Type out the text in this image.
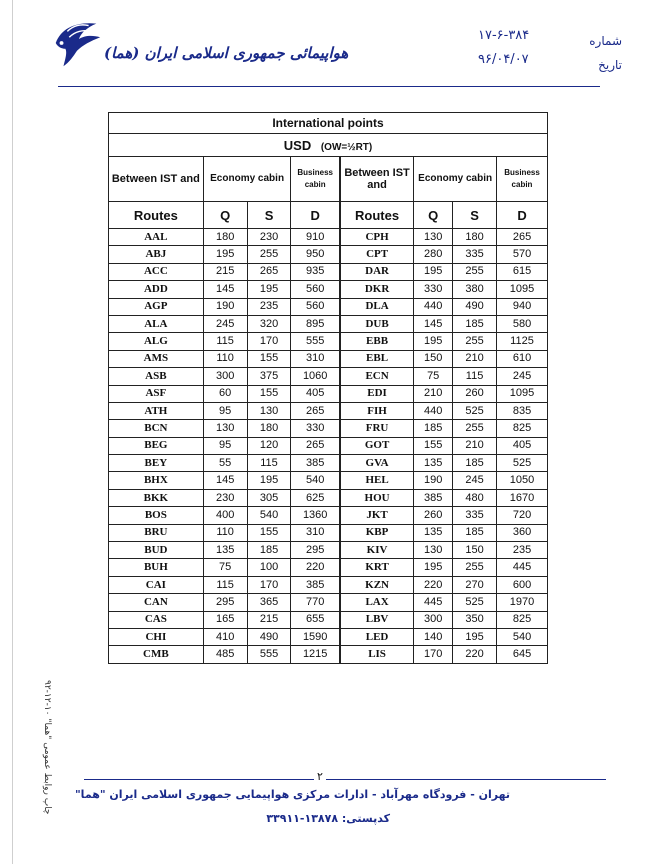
هواپیمائی جمهوری اسلامی ایران (هما)
شماره
۱۷-۶-۳۸۴
تاریخ
۹۶/۰۴/۰۷
International points							
USD (OW=½RT)							
Between IST and	Economy cabin		Business cabin	Between IST and	Economy cabin		Business cabin
Routes	Q	S	D	Routes	Q	S	D
AAL	180	230	910	CPH	130	180	265
ABJ	195	255	950	CPT	280	335	570
ACC	215	265	935	DAR	195	255	615
ADD	145	195	560	DKR	330	380	1095
AGP	190	235	560	DLA	440	490	940
ALA	245	320	895	DUB	145	185	580
ALG	115	170	555	EBB	195	255	1125
AMS	110	155	310	EBL	150	210	610
ASB	300	375	1060	ECN	75	115	245
ASF	60	155	405	EDI	210	260	1095
ATH	95	130	265	FIH	440	525	835
BCN	130	180	330	FRU	185	255	825
BEG	95	120	265	GOT	155	210	405
BEY	55	115	385	GVA	135	185	525
BHX	145	195	540	HEL	190	245	1050
BKK	230	305	625	HOU	385	480	1670
BOS	400	540	1360	JKT	260	335	720
BRU	110	155	310	KBP	135	185	360
BUD	135	185	295	KIV	130	150	235
BUH	75	100	220	KRT	195	255	445
CAI	115	170	385	KZN	220	270	600
CAN	295	365	770	LAX	445	525	1970
CAS	165	215	655	LBV	300	350	825
CHI	410	490	1590	LED	140	195	540
CMB	485	555	1215	LIS	170	220	645
چاپ روابط عمومی "هما" ۱۰-۱۲-۹۲	۲
تهران - فرودگاه مهرآباد - ادارات مرکزی هواپیمایی جمهوری اسلامی ایران "هما"
کدپستی: ۱۳۸۷۸-۳۳۹۱۱
